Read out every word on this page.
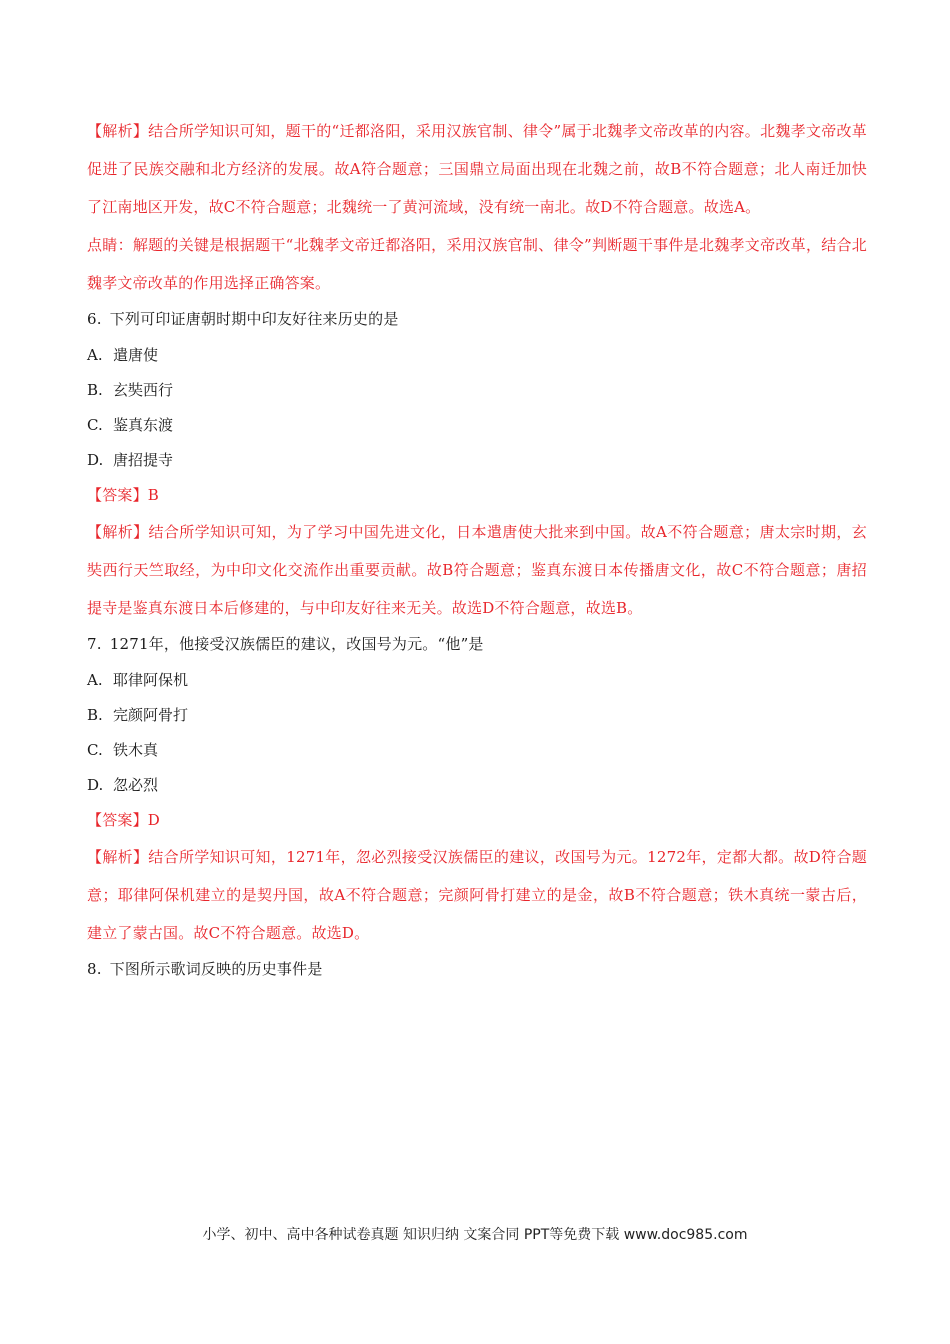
【解析】结合所学知识可知，题干的“迁都洛阳，采用汉族官制、律令”属于北魏孝文帝改革的内容。北魏孝文帝改革促进了民族交融和北方经济的发展。故A符合题意；三国鼎立局面出现在北魏之前，故B不符合题意；北人南迁加快了江南地区开发，故C不符合题意；北魏统一了黄河流域，没有统一南北。故D不符合题意。故选A。
点睛：解题的关键是根据题干“北魏孝文帝迁都洛阳，采用汉族官制、律令”判断题干事件是北魏孝文帝改革，结合北魏孝文帝改革的作用选择正确答案。
6. 下列可印证唐朝时期中印友好往来历史的是
A. 遣唐使
B. 玄奘西行
C. 鉴真东渡
D. 唐招提寺
【答案】B
【解析】结合所学知识可知，为了学习中国先进文化，日本遣唐使大批来到中国。故A不符合题意；唐太宗时期，玄奘西行天竺取经，为中印文化交流作出重要贡献。故B符合题意；鉴真东渡日本传播唐文化，故C不符合题意；唐招提寺是鉴真东渡日本后修建的，与中印友好往来无关。故选D不符合题意，故选B。
7. 1271年，他接受汉族儒臣的建议，改国号为元。“他”是
A. 耶律阿保机
B. 完颜阿骨打
C. 铁木真
D. 忽必烈
【答案】D
【解析】结合所学知识可知，1271年，忽必烈接受汉族儒臣的建议，改国号为元。1272年，定都大都。故D符合题意；耶律阿保机建立的是契丹国，故A不符合题意；完颜阿骨打建立的是金，故B不符合题意；铁木真统一蒙古后，建立了蒙古国。故C不符合题意。故选D。
8. 下图所示歌词反映的历史事件是
小学、初中、高中各种试卷真题 知识归纳 文案合同 PPT等免费下载 www.doc985.com
